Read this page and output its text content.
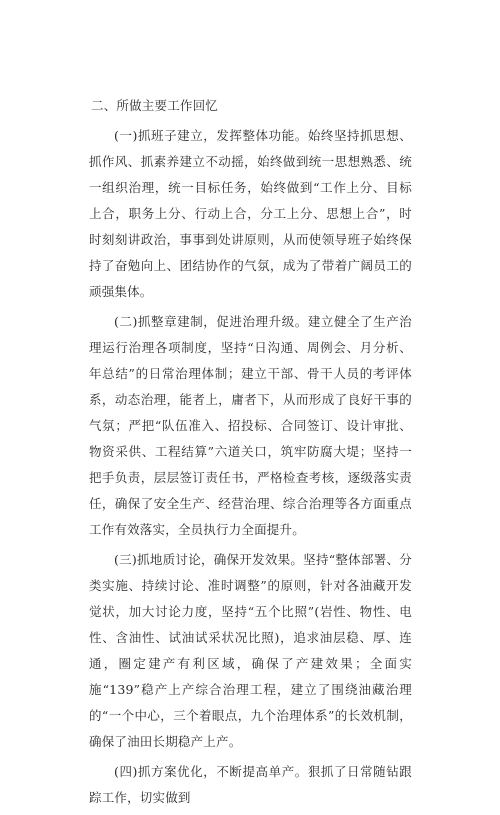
二、所做主要工作回忆

(一)抓班子建立，发挥整体功能。始终坚持抓思想、抓作风、抓素养建立不动摇，始终做到统一思想熟悉、统一组织治理，统一目标任务，始终做到“工作上分、目标上合，职务上分、行动上合，分工上分、思想上合”，时时刻刻讲政治，事事到处讲原则，从而使领导班子始终保持了奋勉向上、团结协作的气氛，成为了带着广阔员工的顽强集体。

(二)抓整章建制，促进治理升级。建立健全了生产治理运行治理各项制度，坚持“日沟通、周例会、月分析、年总结”的日常治理体制；建立干部、骨干人员的考评体系，动态治理，能者上，庸者下，从而形成了良好干事的气氛；严把“队伍准入、招投标、合同签订、设计审批、物资采供、工程结算”六道关口，筑牢防腐大堤；坚持一把手负责，层层签订责任书，严格检查考核，逐级落实责任，确保了安全生产、经营治理、综合治理等各方面重点工作有效落实，全员执行力全面提升。

(三)抓地质讨论，确保开发效果。坚持“整体部署、分类实施、持续讨论、准时调整”的原则，针对各油藏开发觉状，加大讨论力度，坚持“五个比照”(岩性、物性、电性、含油性、试油试采状况比照)，追求油层稳、厚、连通，圈定建产有利区域，确保了产建效果；全面实施“139”稳产上产综合治理工程，建立了围绕油藏治理的“一个中心，三个着眼点，九个治理体系”的长效机制，确保了油田长期稳产上产。

(四)抓方案优化，不断提高单产。狠抓了日常随钻跟踪工作，切实做到
